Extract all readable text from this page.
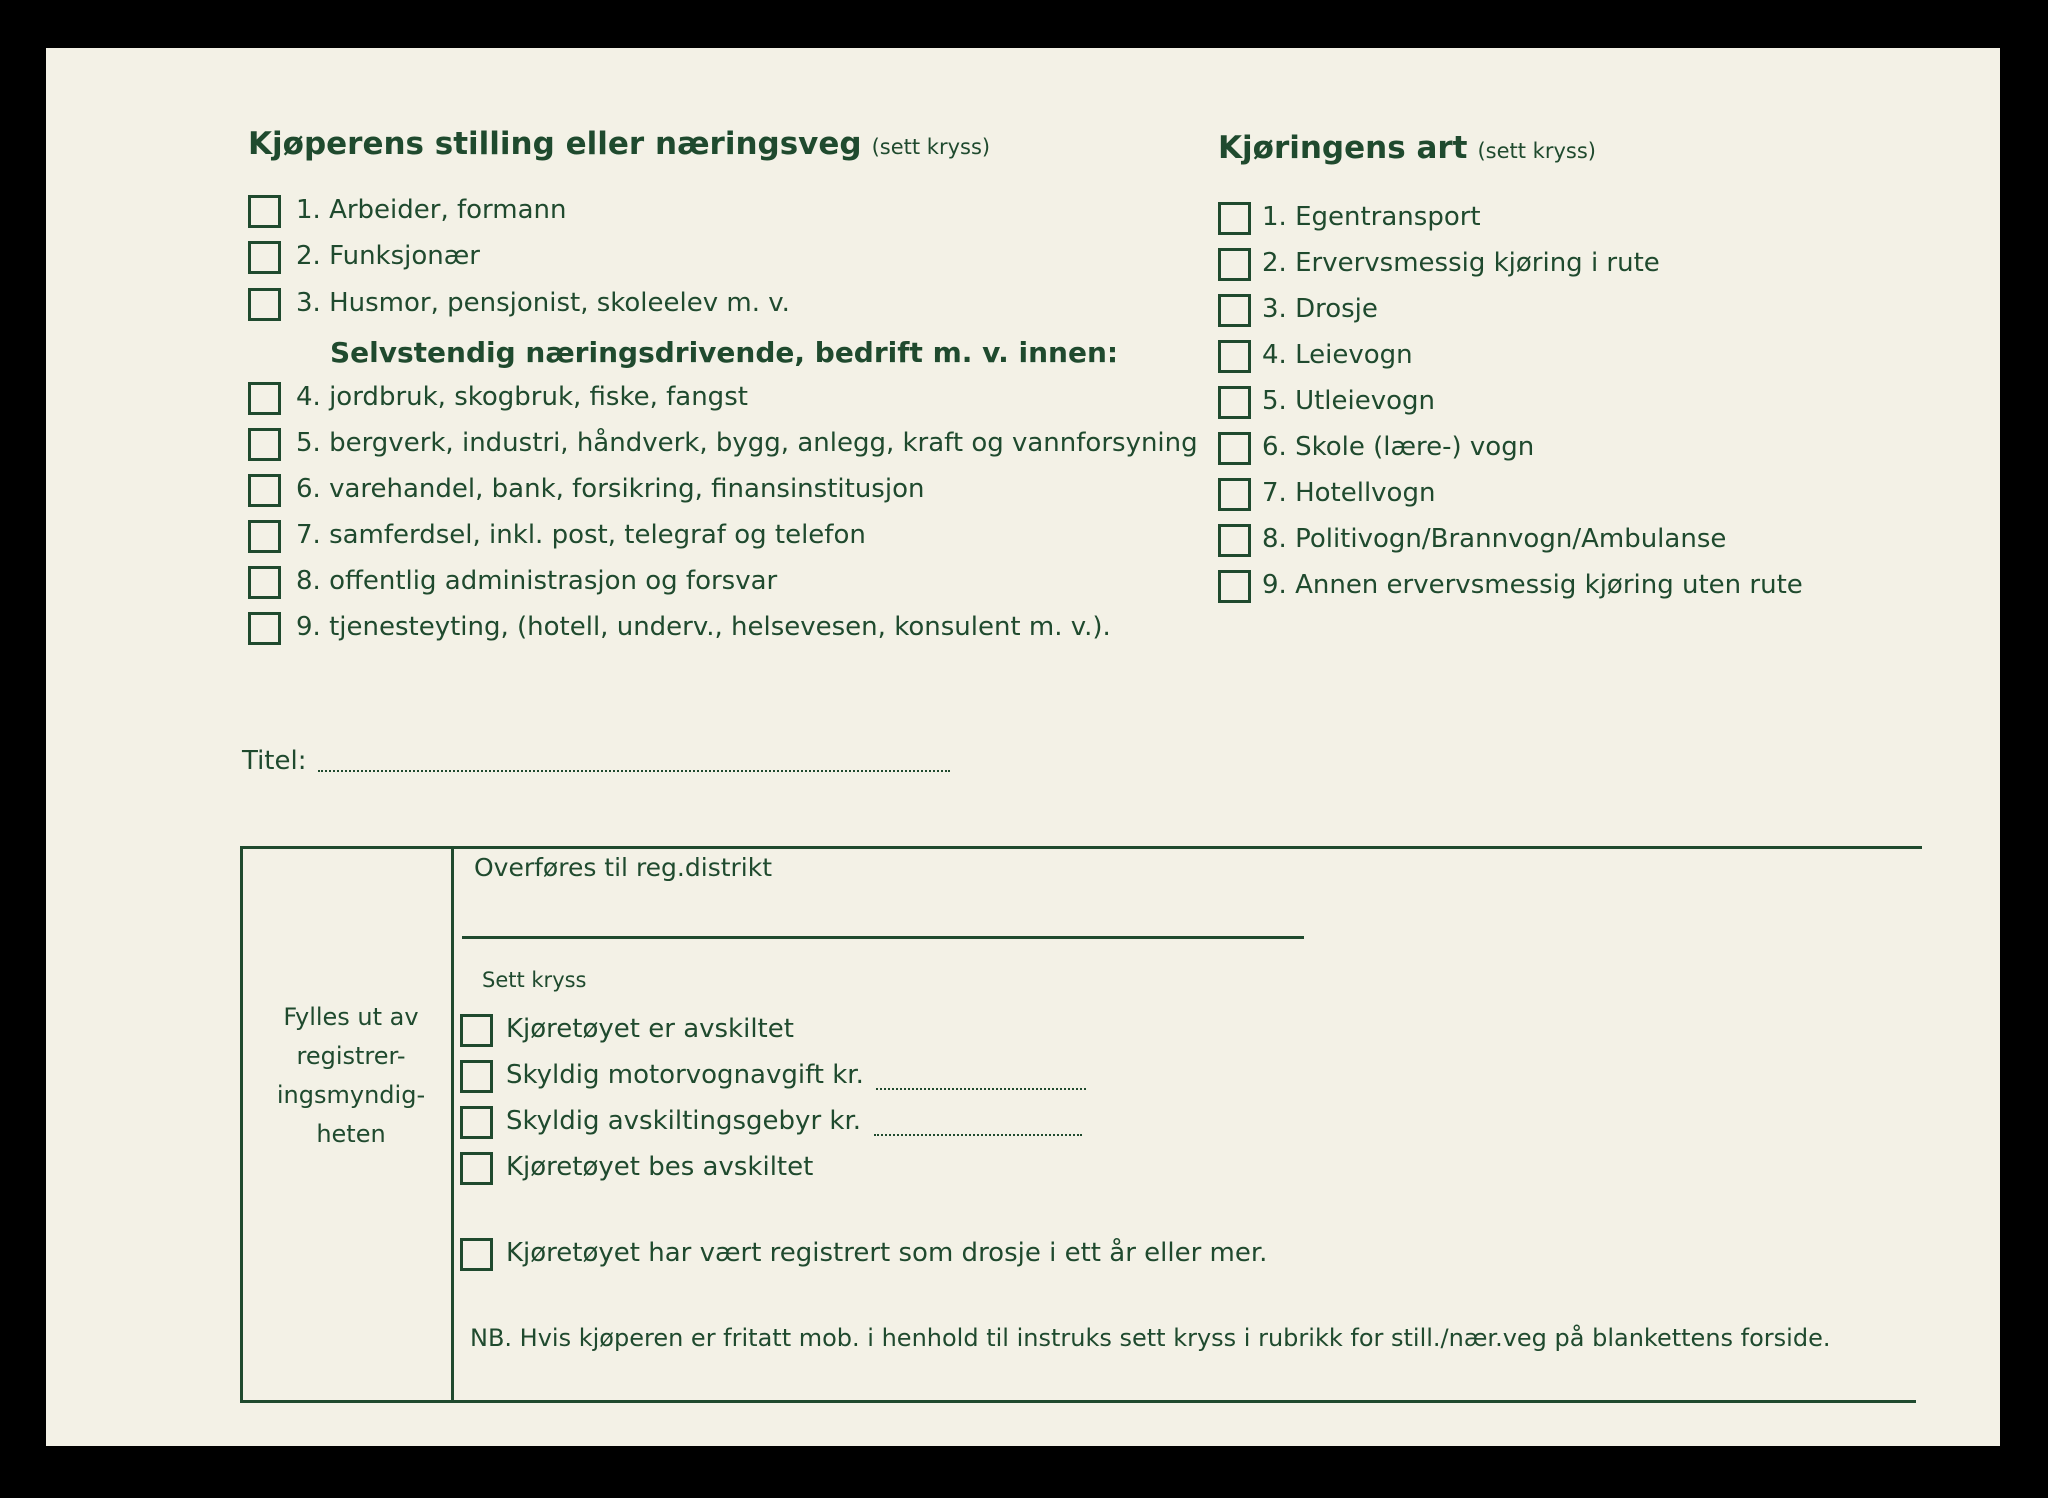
Kjøperens stilling eller næringsveg (sett kryss)
1. Arbeider, formann
2. Funksjonær
3. Husmor, pensjonist, skoleelev m. v.
Selvstendig næringsdrivende, bedrift m. v. innen:
4. jordbruk, skogbruk, fiske, fangst
5. bergverk, industri, håndverk, bygg, anlegg, kraft og vannforsyning
6. varehandel, bank, forsikring, finansinstitusjon
7. samferdsel, inkl. post, telegraf og telefon
8. offentlig administrasjon og forsvar
9. tjenesteyting, (hotell, underv., helsevesen, konsulent m. v.).
Kjøringens art (sett kryss)
1. Egentransport
2. Ervervsmessig kjøring i rute
3. Drosje
4. Leievogn
5. Utleievogn
6. Skole (lære-) vogn
7. Hotellvogn
8. Politivogn/Brannvogn/Ambulanse
9. Annen ervervsmessig kjøring uten rute
Titel:
Fylles ut av registrer-ingsmyndig-heten
Overføres til reg.distrikt
Sett kryss
Kjøretøyet er avskiltet
Skyldig motorvognavgift kr.
Skyldig avskiltingsgebyr kr.
Kjøretøyet bes avskiltet
Kjøretøyet har vært registrert som drosje i ett år eller mer.
NB. Hvis kjøperen er fritatt mob. i henhold til instruks sett kryss i rubrikk for still./nær.veg på blankettens forside.
